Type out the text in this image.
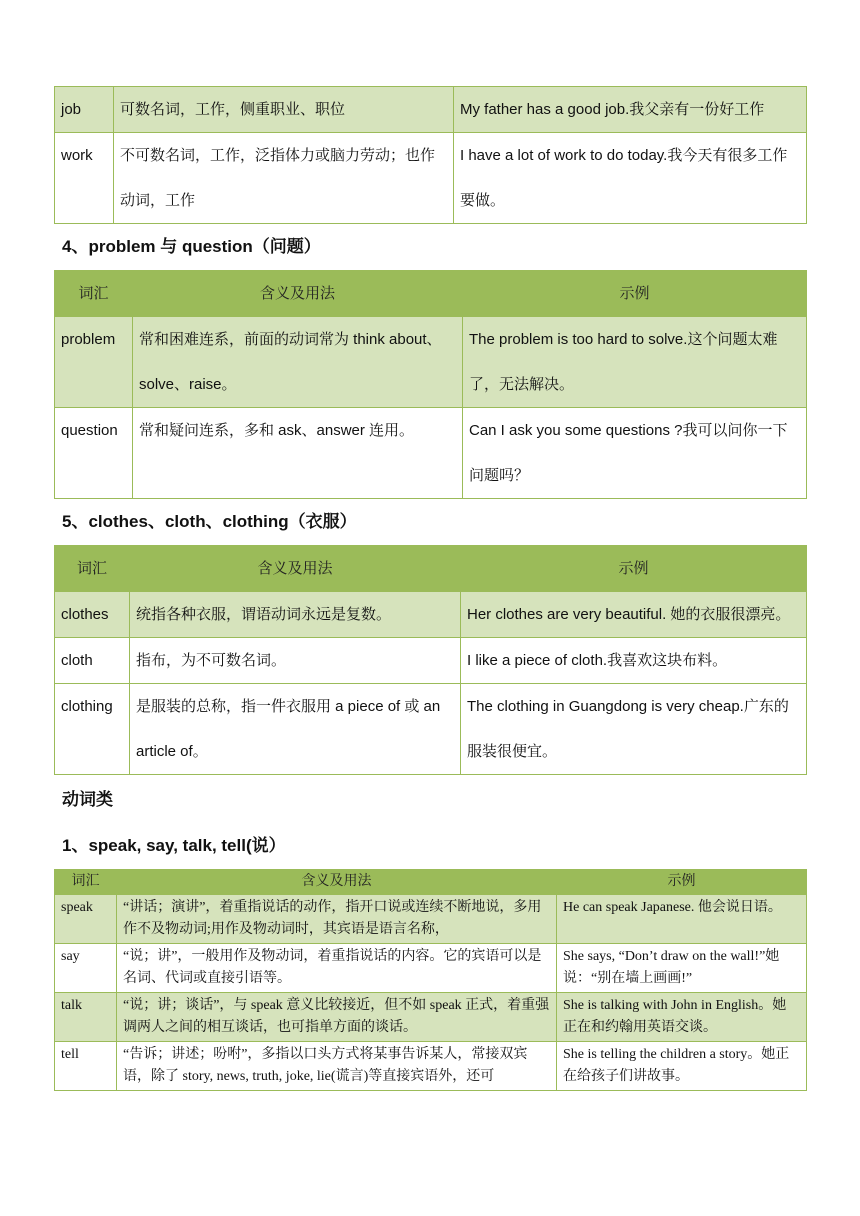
job	可数名词，工作，侧重职业、职位	My father has a good job.我父亲有一份好工作
work	不可数名词，工作，泛指体力或脑力劳动；也作动词，工作	I have a lot of work to do today.我今天有很多工作要做。

4、problem 与 question（问题）

词汇	含义及用法	示例
problem	常和困难连系，前面的动词常为 think about、solve、raise。	The problem is too hard to solve.这个问题太难了，无法解决。
question	常和疑问连系，多和 ask、answer 连用。	Can I ask you some questions ?我可以问你一下问题吗？

5、clothes、cloth、clothing（衣服）

词汇	含义及用法	示例
clothes	统指各种衣服，谓语动词永远是复数。	Her clothes are very beautiful. 她的衣服很漂亮。
cloth	指布，为不可数名词。	I like a piece of cloth.我喜欢这块布料。
clothing	是服装的总称，指一件衣服用 a piece of 或 an article of。	The clothing in Guangdong is very cheap.广东的服装很便宜。

动词类

1、speak, say, talk, tell(说）

词汇	含义及用法	示例
speak	“讲话；演讲”，着重指说话的动作，指开口说或连续不断地说，多用作不及物动词;用作及物动词时，其宾语是语言名称，	He can speak Japanese. 他会说日语。
say	“说；讲”，一般用作及物动词，着重指说话的内容。它的宾语可以是名词、代词或直接引语等。	She says, “Don’t draw on the wall!”她说：“别在墙上画画!”
talk	“说；讲；谈话”，与 speak 意义比较接近，但不如 speak 正式，着重强调两人之间的相互谈话，也可指单方面的谈话。	She is talking with John in English。她正在和约翰用英语交谈。
tell	“告诉；讲述；吩咐”，多指以口头方式将某事告诉某人，常接双宾语，除了 story, news, truth, joke, lie(谎言)等直接宾语外，还可	She is telling the children a story。她正在给孩子们讲故事。
